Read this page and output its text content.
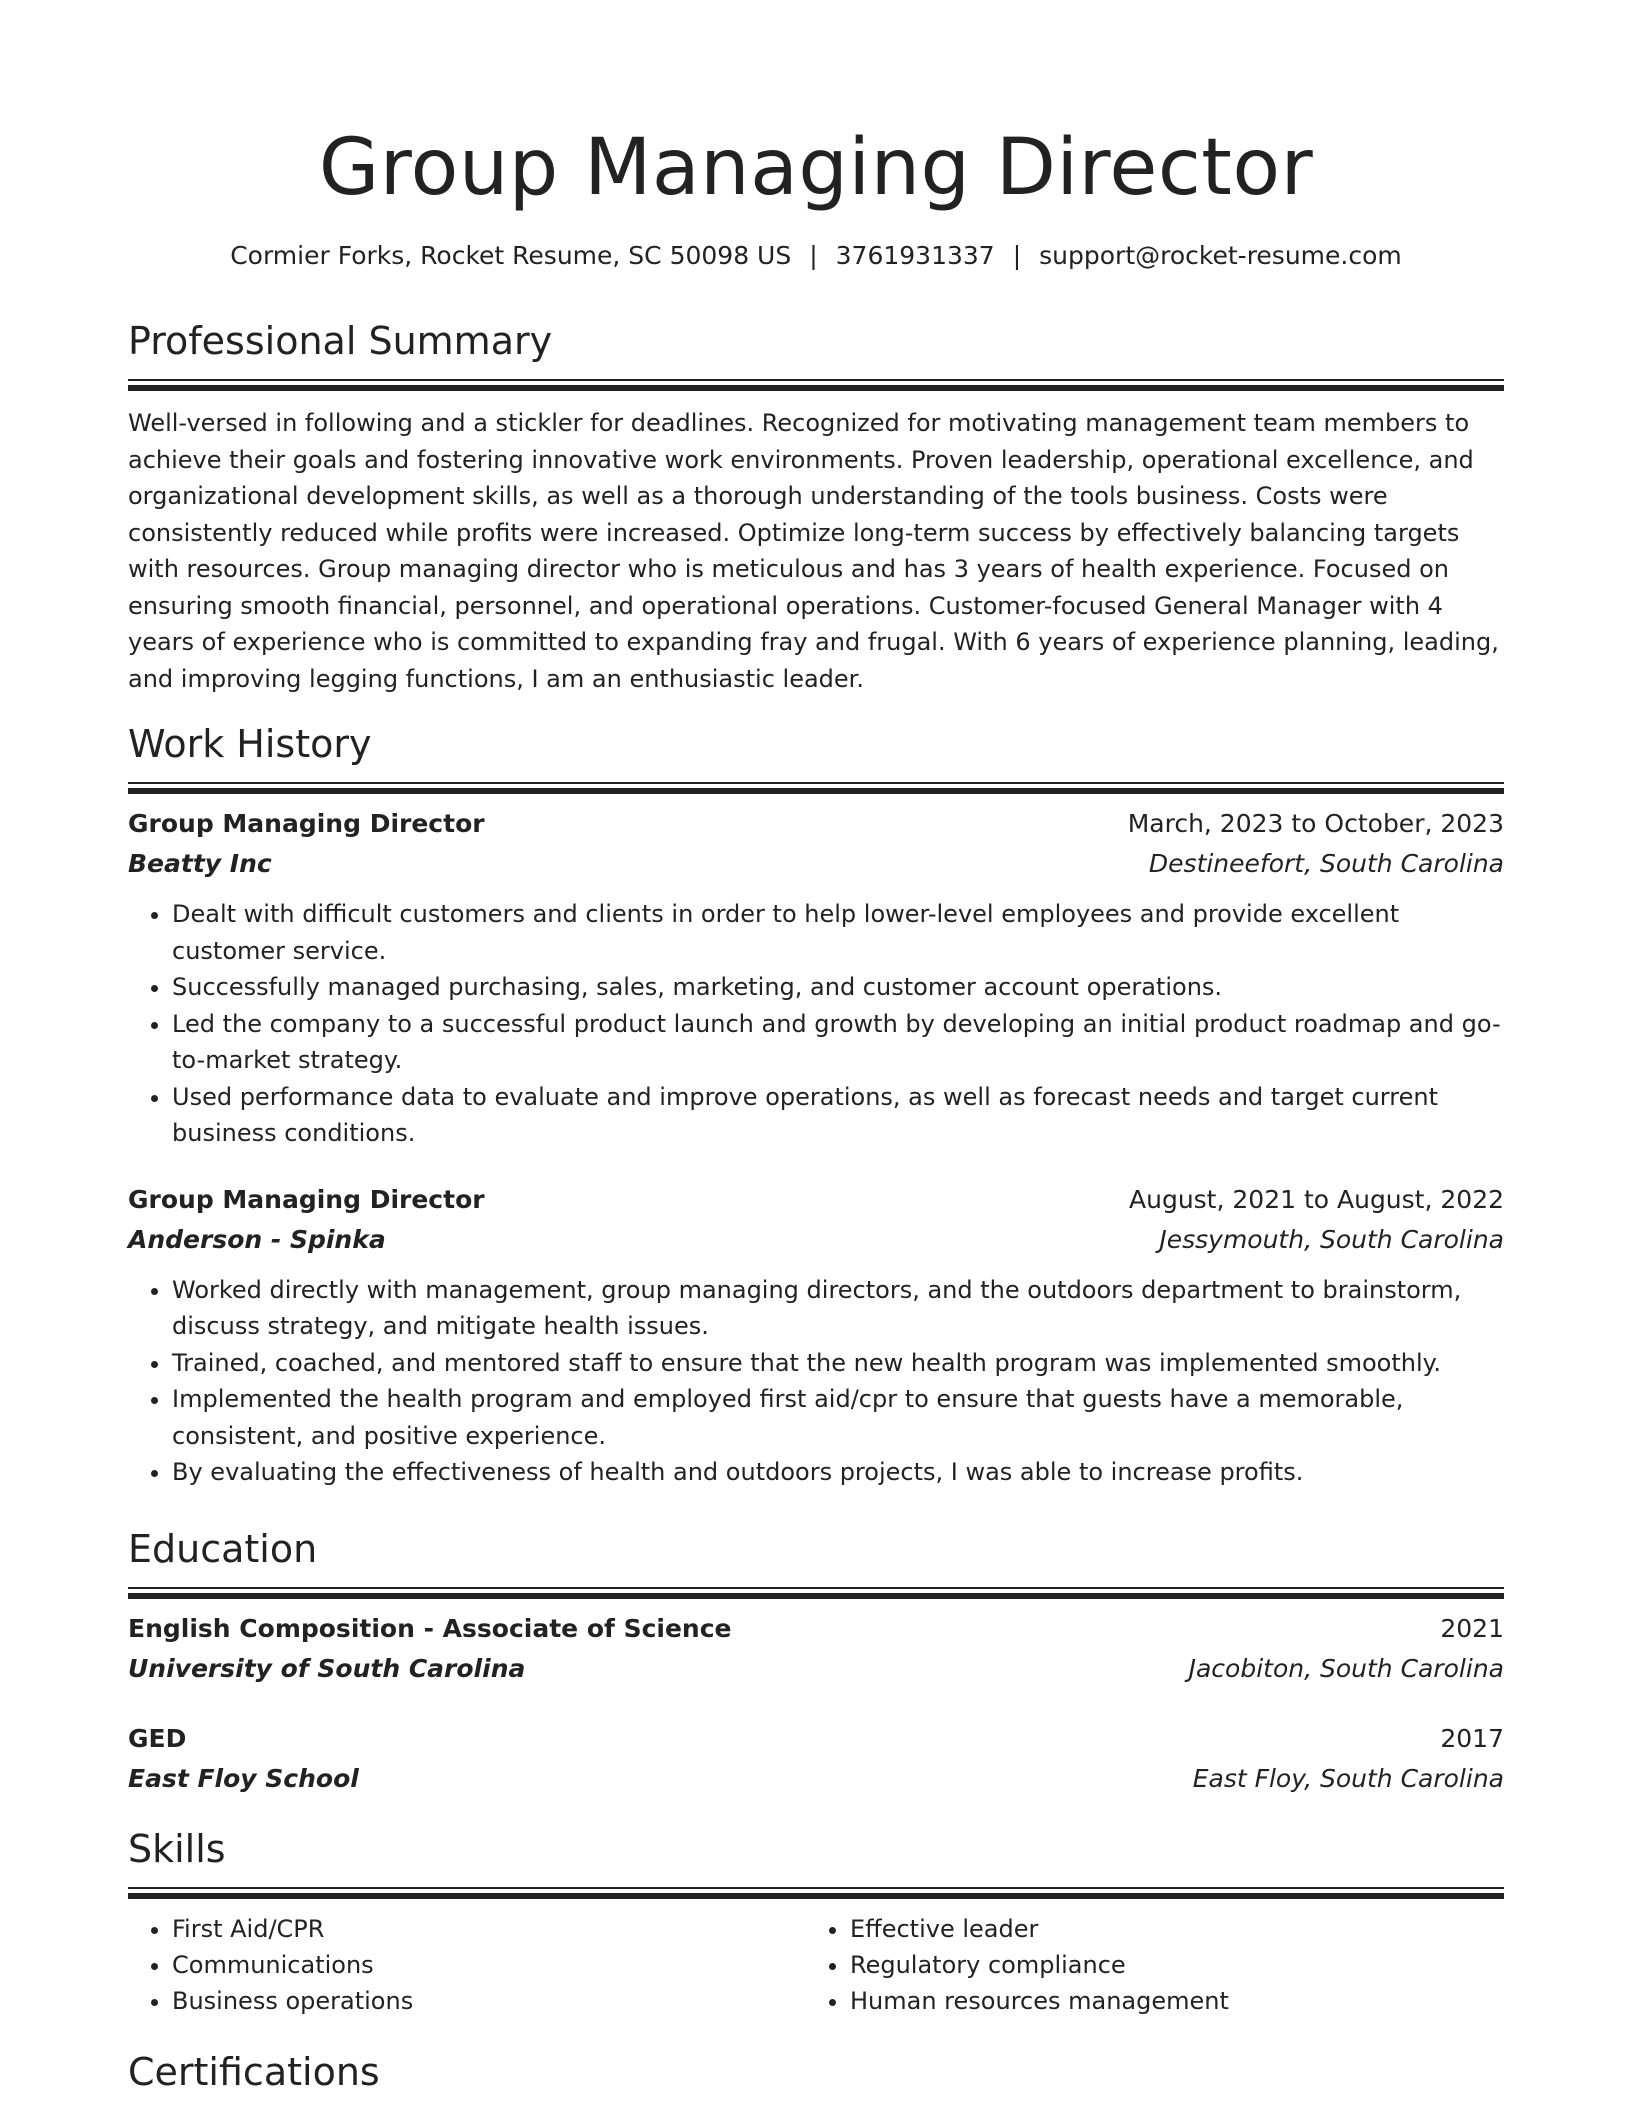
Group Managing Director
Cormier Forks, Rocket Resume, SC 50098 US | 3761931337 | support@rocket-resume.com
Professional Summary
Well-versed in following and a stickler for deadlines. Recognized for motivating management team members to achieve their goals and fostering innovative work environments. Proven leadership, operational excellence, and organizational development skills, as well as a thorough understanding of the tools business. Costs were consistently reduced while profits were increased. Optimize long-term success by effectively balancing targets with resources. Group managing director who is meticulous and has 3 years of health experience. Focused on ensuring smooth financial, personnel, and operational operations. Customer-focused General Manager with 4 years of experience who is committed to expanding fray and frugal. With 6 years of experience planning, leading, and improving legging functions, I am an enthusiastic leader.
Work History
Group Managing Director	March, 2023 to October, 2023
Beatty Inc	Destineefort, South Carolina
• Dealt with difficult customers and clients in order to help lower-level employees and provide excellent customer service.
• Successfully managed purchasing, sales, marketing, and customer account operations.
• Led the company to a successful product launch and growth by developing an initial product roadmap and go-to-market strategy.
• Used performance data to evaluate and improve operations, as well as forecast needs and target current business conditions.
Group Managing Director	August, 2021 to August, 2022
Anderson - Spinka	Jessymouth, South Carolina
• Worked directly with management, group managing directors, and the outdoors department to brainstorm, discuss strategy, and mitigate health issues.
• Trained, coached, and mentored staff to ensure that the new health program was implemented smoothly.
• Implemented the health program and employed first aid/cpr to ensure that guests have a memorable, consistent, and positive experience.
• By evaluating the effectiveness of health and outdoors projects, I was able to increase profits.
Education
English Composition - Associate of Science	2021
University of South Carolina	Jacobiton, South Carolina
GED	2017
East Floy School	East Floy, South Carolina
Skills
• First Aid/CPR
• Communications
• Business operations
• Effective leader
• Regulatory compliance
• Human resources management
Certifications
